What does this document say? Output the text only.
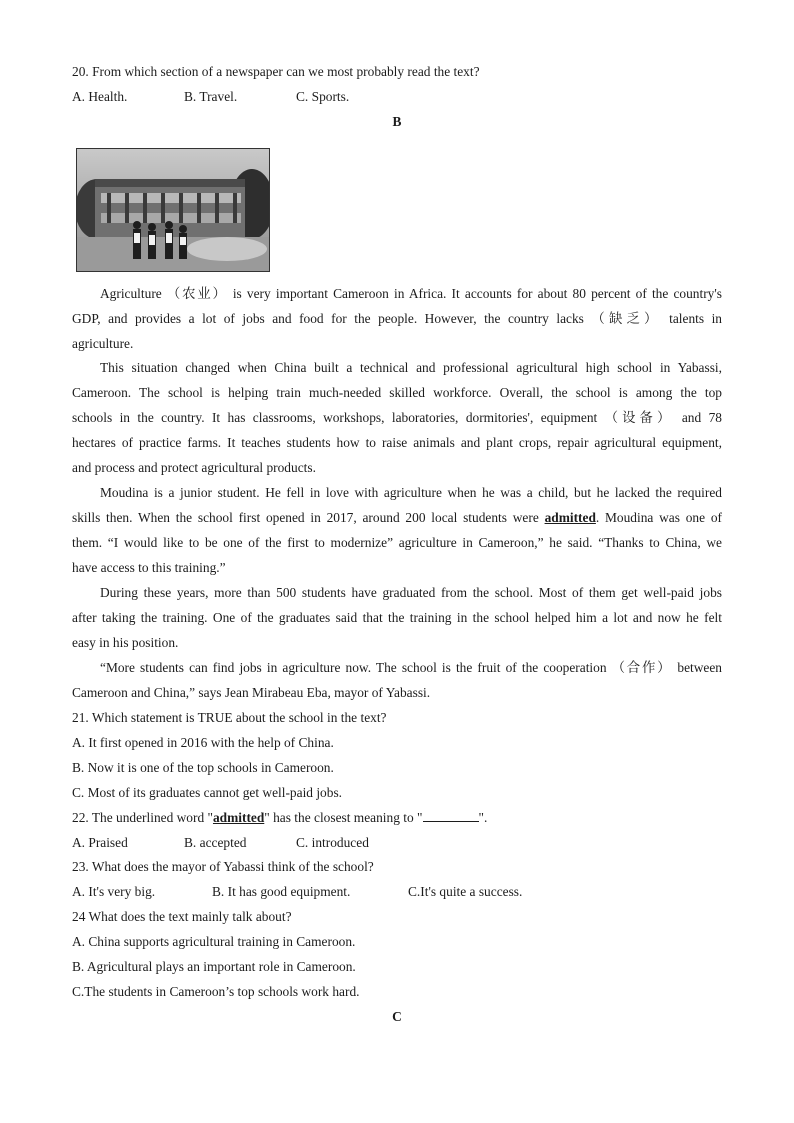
20. From which section of a newspaper can we most probably read the text?
A. Health.	B. Travel.	C. Sports.
B
Agriculture （农业） is very important Cameroon in Africa. It accounts for about 80 percent of the country's
GDP, and provides a lot of jobs and food for the people. However, the country lacks （缺乏） talents in
agriculture.
This situation changed when China built a technical and professional agricultural high school in Yabassi,
Cameroon. The school is helping train much-needed skilled workforce. Overall, the school is among the top
schools in the country. It has classrooms, workshops, laboratories, dormitories', equipment （设备） and 78
hectares of practice farms. It teaches students how to raise animals and plant crops, repair agricultural equipment,
and process and protect agricultural products.
Moudina is a junior student. He fell in love with agriculture when he was a child, but he lacked the required
skills then. When the school first opened in 2017, around 200 local students were admitted. Moudina was one of
them. “I would like to be one of the first to modernize” agriculture in Cameroon,” he said. “Thanks to China, we
have access to this training.”
During these years, more than 500 students have graduated from the school. Most of them get well-paid jobs
after taking the training. One of the graduates said that the training in the school helped him a lot and now he felt
easy in his position.
“More students can find jobs in agriculture now. The school is the fruit of the cooperation （合作） between
Cameroon and China,” says Jean Mirabeau Eba, mayor of Yabassi.
21. Which statement is TRUE about the school in the text?
A. It first opened in 2016 with the help of China.
B. Now it is one of the top schools in Cameroon.
C. Most of its graduates cannot get well-paid jobs.
22. The underlined word "admitted" has the closest meaning to "	".
A. Praised	B. accepted	C. introduced
23. What does the mayor of Yabassi think of the school?
A. It's very big.	B. It has good equipment.	C.It's quite a success.
24 What does the text mainly talk about?
A. China supports agricultural training in Cameroon.
B. Agricultural plays an important role in Cameroon.
C.The students in Cameroon’s top schools work hard.
C
